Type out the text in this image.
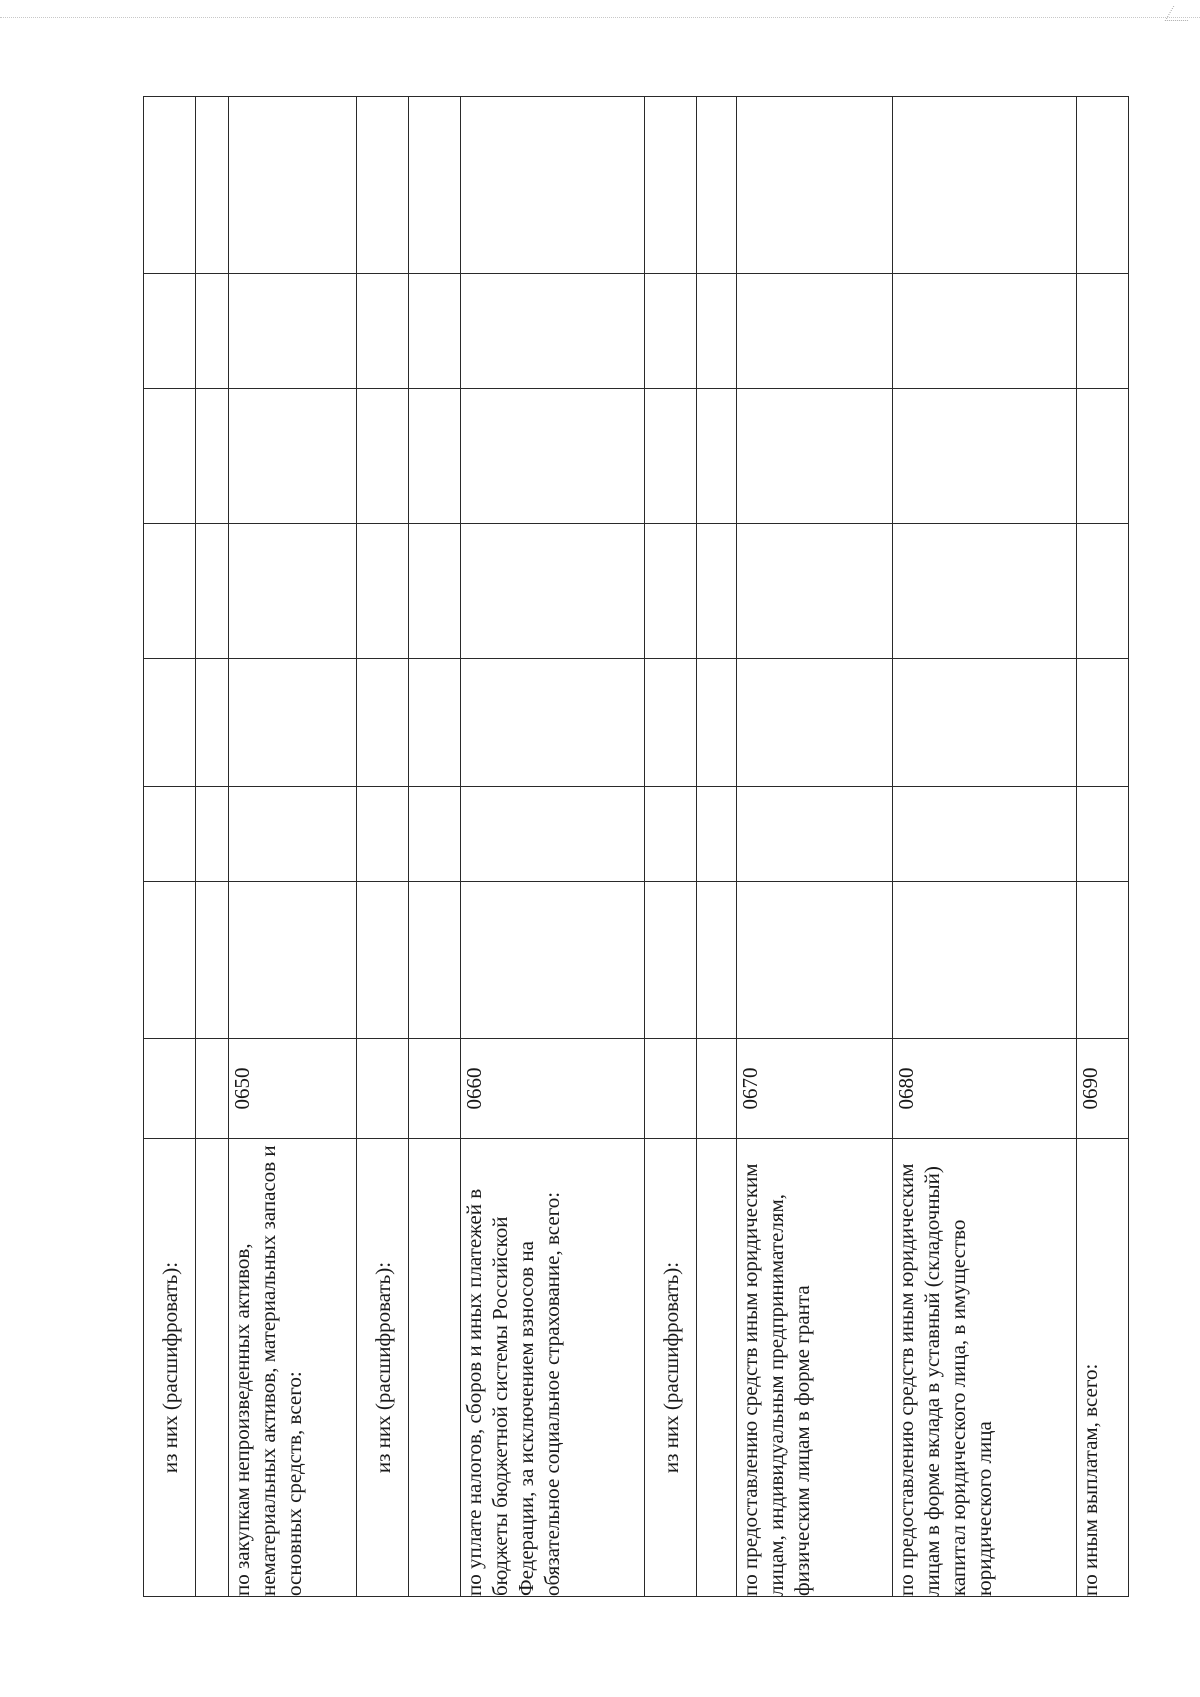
из них (расшифровать):								

по закупкам непроизведенных активов, нематериальных активов, материальных запасов и основных средств, всего:	0650							
из них (расшифровать):								

по уплате налогов, сборов и иных платежей в бюджеты бюджетной системы Российской Федерации, за исключением взносов на обязательное социальное страхование, всего:	0660							
из них (расшифровать):								

по предоставлению средств иным юридическим лицам, индивидуальным предпринимателям, физическим лицам в форме гранта	0670							
по предоставлению средств иным юридическим лицам в форме вклада в уставный (складочный) капитал юридического лица, в имущество юридического лица	0680							
по иным выплатам, всего:	0690							
